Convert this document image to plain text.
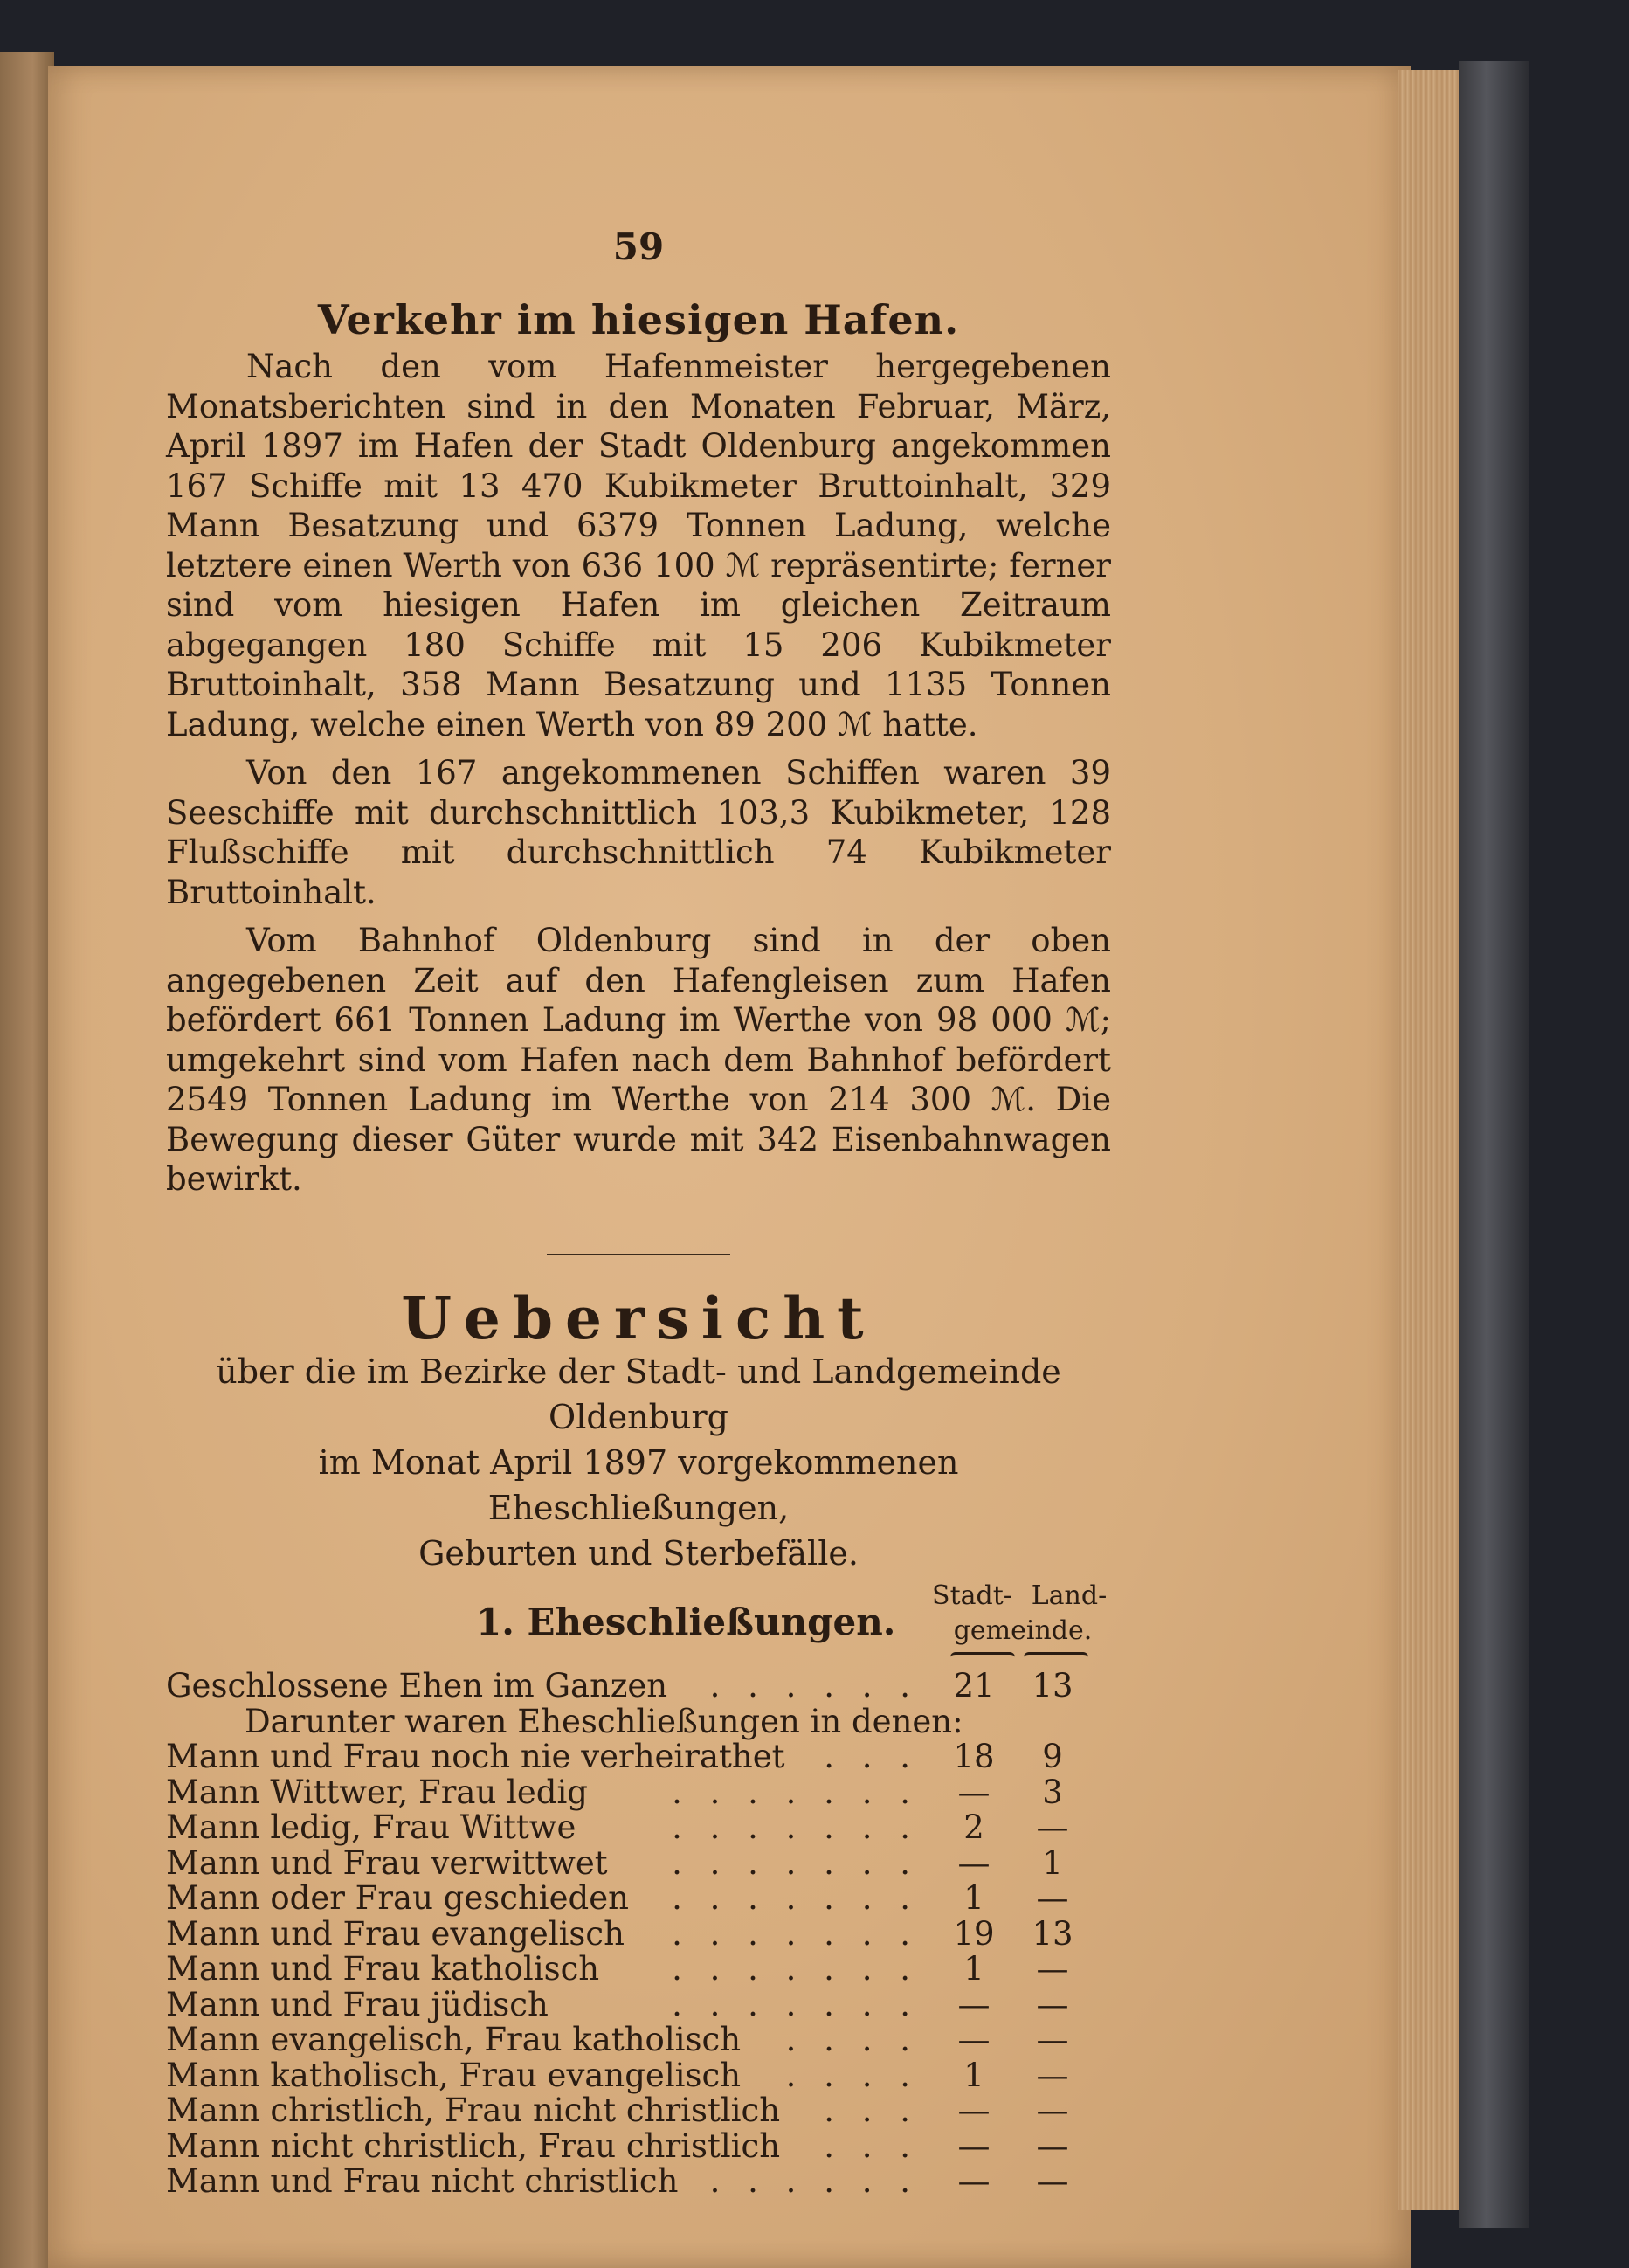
59
Verkehr im hiesigen Hafen.

Nach den vom Hafenmeister hergegebenen Monatsberichten sind in den Monaten Februar, März, April 1897 im Hafen der Stadt Oldenburg angekommen 167 Schiffe mit 13 470 Kubikmeter Bruttoinhalt, 329 Mann Besatzung und 6379 Tonnen Ladung, welche letztere einen Werth von 636 100 ℳ repräsentirte; ferner sind vom hiesigen Hafen im gleichen Zeitraum abgegangen 180 Schiffe mit 15 206 Kubikmeter Bruttoinhalt, 358 Mann Besatzung und 1135 Tonnen Ladung, welche einen Werth von 89 200 ℳ hatte.

Von den 167 angekommenen Schiffen waren 39 Seeschiffe mit durchschnittlich 103,3 Kubikmeter, 128 Flußschiffe mit durchschnittlich 74 Kubikmeter Bruttoinhalt.

Vom Bahnhof Oldenburg sind in der oben angegebenen Zeit auf den Hafengleisen zum Hafen befördert 661 Tonnen Ladung im Werthe von 98 000 ℳ; umgekehrt sind vom Hafen nach dem Bahnhof befördert 2549 Tonnen Ladung im Werthe von 214 300 ℳ. Die Bewegung dieser Güter wurde mit 342 Eisenbahnwagen bewirkt.

Uebersicht
über die im Bezirke der Stadt- und Landgemeinde Oldenburg
im Monat April 1897 vorgekommenen Eheschließungen,
Geburten und Sterbefälle.
1. Eheschließungen.
Stadt- Land-
gemeinde.
Geschlossene Ehen im Ganzen . . . . . .	21	13
Darunter waren Eheschließungen in denen:
Mann und Frau noch nie verheirathet . . .	18	9
Mann Wittwer, Frau ledig	. . . . . . .	—	3
Mann ledig, Frau Wittwe	. . . . . . .	2	—
Mann und Frau verwittwet . . . . . . .	—	1
Mann oder Frau geschieden . . . . . . .	1	—
Mann und Frau evangelisch . . . . . . .	19	13
Mann und Frau katholisch . . . . . . .	1	—
Mann und Frau jüdisch	. . . . . . .	—	—
Mann evangelisch, Frau katholisch . . . .	—	—
Mann katholisch, Frau evangelisch . . . .	1	—
Mann christlich, Frau nicht christlich . . .	—	—
Mann nicht christlich, Frau christlich . . .	—	—
Mann und Frau nicht christlich . . . . . .	—	—
